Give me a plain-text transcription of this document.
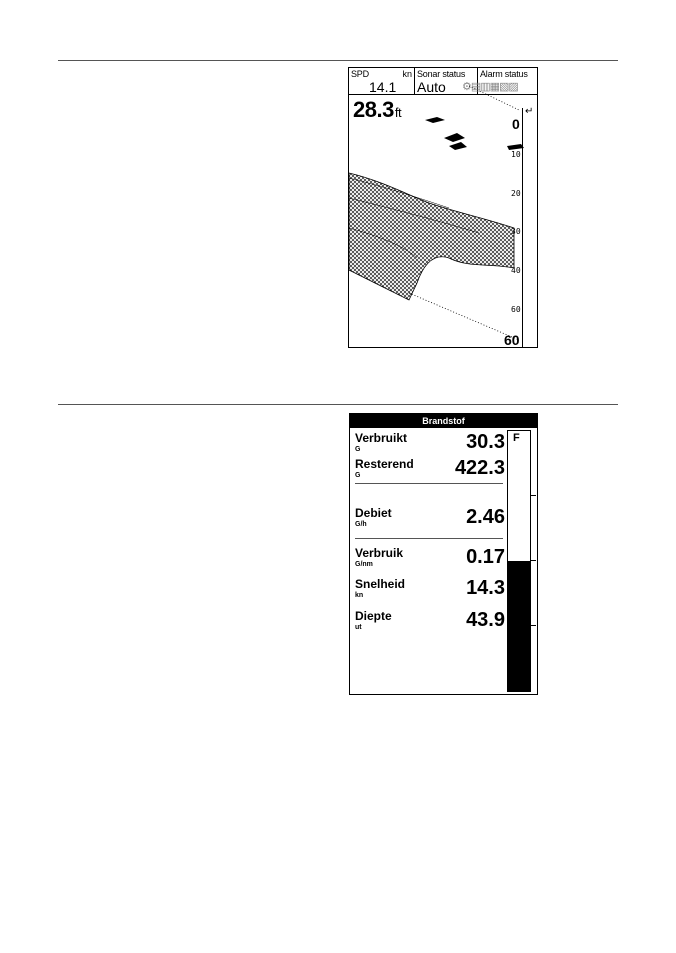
SPD	kn
14.1
Sonar status
Auto
Alarm status
⚙▤▥▦▧▨
28.3ft
0
10
20
30
40
60
60
↵
Brandstof
Verbruikt
G	30.3
Resterend
G	422.3
Debiet
G/h	2.46
Verbruik
G/nm	0.17
Snelheid
kn	14.3
Diepte
ut	43.9
F
E
